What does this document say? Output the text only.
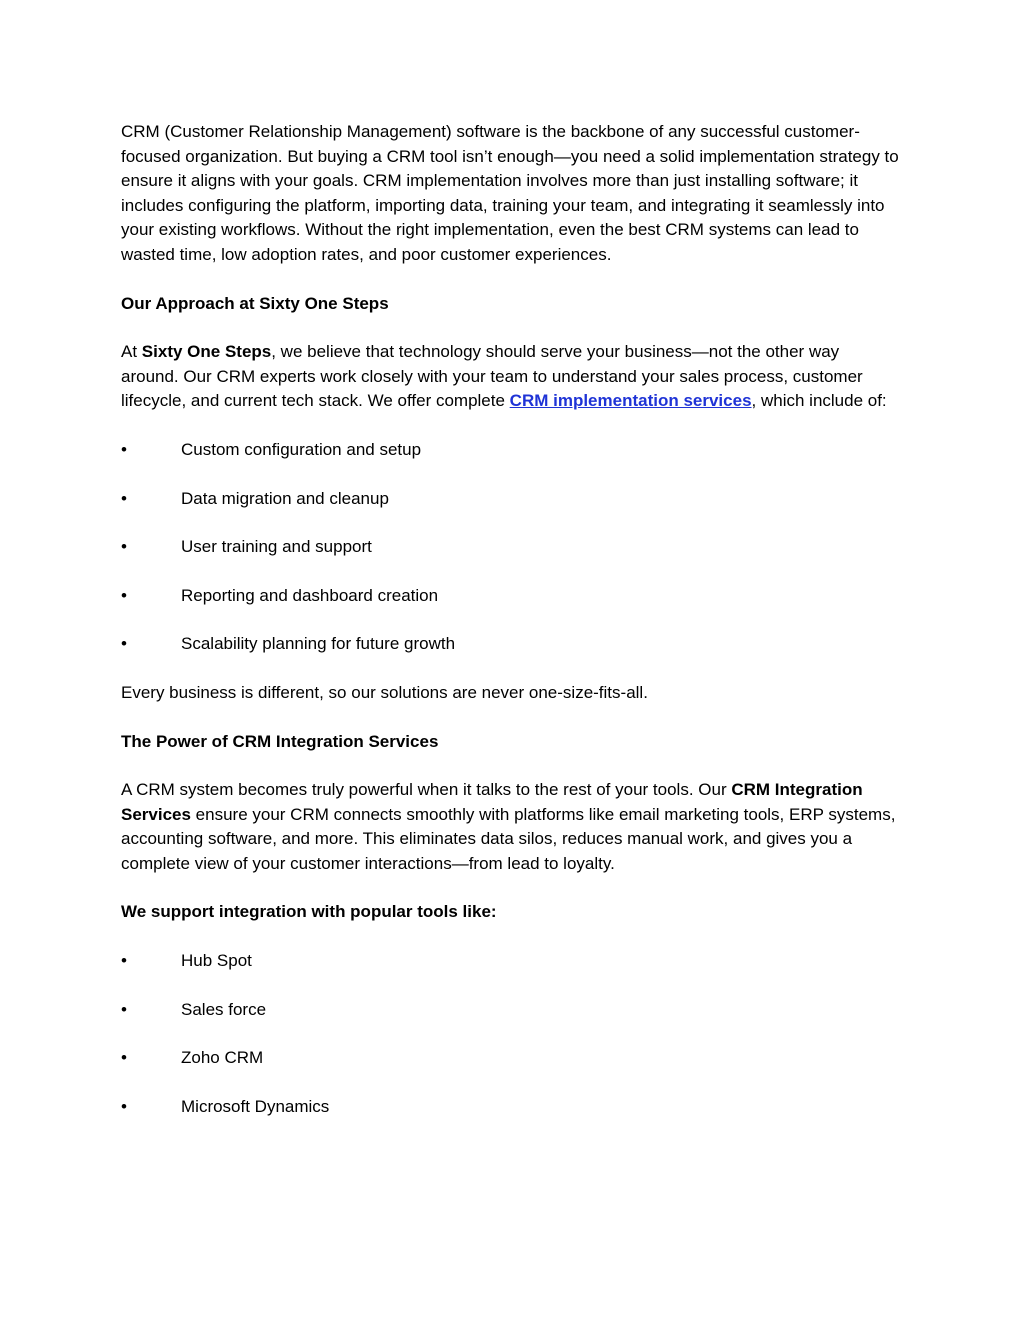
CRM (Customer Relationship Management) software is the backbone of any successful customer-focused organization. But buying a CRM tool isn’t enough—you need a solid implementation strategy to ensure it aligns with your goals. CRM implementation involves more than just installing software; it includes configuring the platform, importing data, training your team, and integrating it seamlessly into your existing workflows. Without the right implementation, even the best CRM systems can lead to wasted time, low adoption rates, and poor customer experiences.

Our Approach at Sixty One Steps

At Sixty One Steps, we believe that technology should serve your business—not the other way around. Our CRM experts work closely with your team to understand your sales process, customer lifecycle, and current tech stack. We offer complete CRM implementation services, which include of:

•	Custom configuration and setup
•	Data migration and cleanup
•	User training and support
•	Reporting and dashboard creation
•	Scalability planning for future growth

Every business is different, so our solutions are never one-size-fits-all.

The Power of CRM Integration Services

A CRM system becomes truly powerful when it talks to the rest of your tools. Our CRM Integration Services ensure your CRM connects smoothly with platforms like email marketing tools, ERP systems, accounting software, and more. This eliminates data silos, reduces manual work, and gives you a complete view of your customer interactions—from lead to loyalty.

We support integration with popular tools like:

•	Hub Spot
•	Sales force
•	Zoho CRM
•	Microsoft Dynamics
